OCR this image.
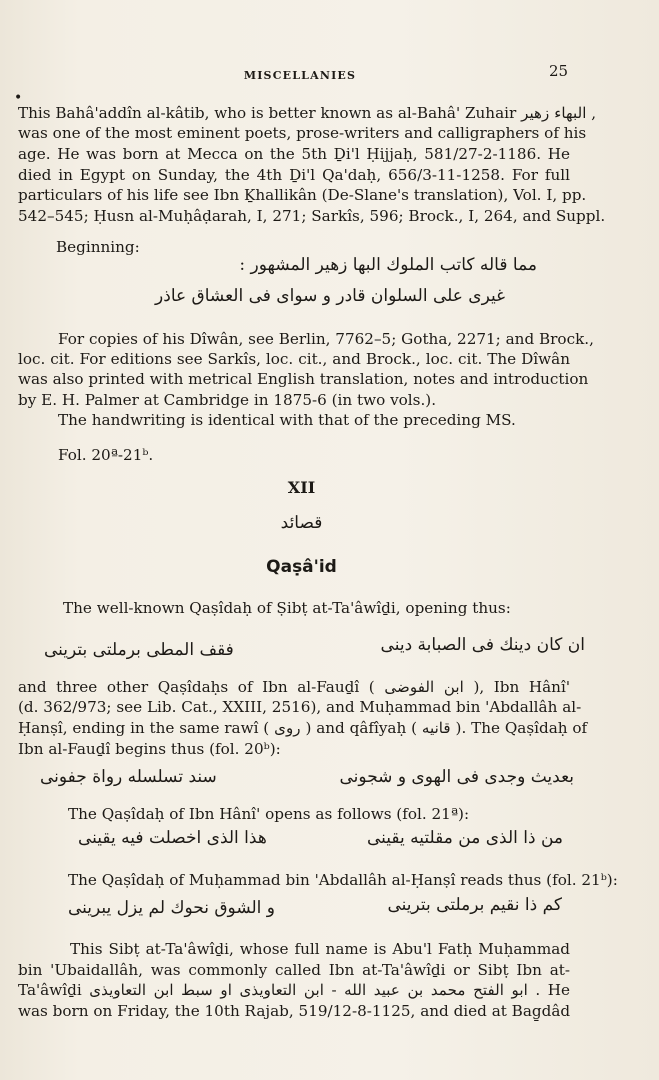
MISCELLANIES	25
•
This Bahâ'addîn al-kâtib, who is better known as al-Bahâ' Zuhair البهاء زهير ,
was one of the most eminent poets, prose-writers and calligraphers of his
age. He was born at Mecca on the 5th Ḏi'l Ḥijjaḥ, 581/27-2-1186. He
died in Egypt on Sunday, the 4th Ḏi'l Qa'daḥ, 656/3-11-1258. For full
particulars of his life see Ibn Ḵhallikân (De-Slane's translation), Vol. I, pp.
542–545; Ḥusn al-Muḥâḍarah, I, 271; Sarkîs, 596; Brock., I, 264, and Suppl.
Beginning:
مما قاله كاتب الملوك البها زهير المشهور :
غيرى على السلوان قادر و سواى فى العشاق عاذر
For copies of his Dîwân, see Berlin, 7762–5; Gotha, 2271; and Brock.,
loc. cit. For editions see Sarkîs, loc. cit., and Brock., loc. cit. The Dîwân
was also printed with metrical English translation, notes and introduction
by E. H. Palmer at Cambridge in 1875-6 (in two vols.).
The handwriting is identical with that of the preceding MS.
Fol. 20ª-21ᵇ.
XII
قصائد
Qaṣâ'id
The well-known Qaṣîdaḥ of Ṣibṭ at-Ta'âwîḏi, opening thus:
ان كان دينك فى الصبابة دينى
فقف المطى برملتى بترينى
and three other Qaṣîdaḥs of Ibn al-Fauḏî ( ابن الفوضى ), Ibn Hânî'
(d. 362/973; see Lib. Cat., XXIII, 2516), and Muḥammad bin 'Abdallâh al-
Ḥanṣî, ending in the same rawî ( روى ) and qâfîyaḥ ( قانيه ). The Qaṣîdaḥ of
Ibn al-Fauḏî begins thus (fol. 20ᵇ):
بعديث وجدى فى الهوى و شجونى
سند تسلسله رواة جفونى
The Qaṣîdaḥ of Ibn Hânî' opens as follows (fol. 21ª):
من ذا الذى من مقلتيه يقينى
هذا الذى اخصلت فيه يقينى
The Qaṣîdaḥ of Muḥammad bin 'Abdallâh al-Ḥanṣî reads thus (fol. 21ᵇ):
كم ذا نقيم برملتى بترينى
و الشوق نحوك لم يزل يبرينى
This Sibṭ at-Ta'âwîḏi, whose full name is Abu'l Fatḥ Muḥammad
bin 'Ubaidallâh, was commonly called Ibn at-Ta'âwîḏi or Sibṭ Ibn at-
Ta'âwîḏi ابو الفتح محمد بن عبيد الله - ابن التعاويذى او سبط ابن التعاويذى . He
was born on Friday, the 10th Rajab, 519/12-8-1125, and died at Bag̱dâd
